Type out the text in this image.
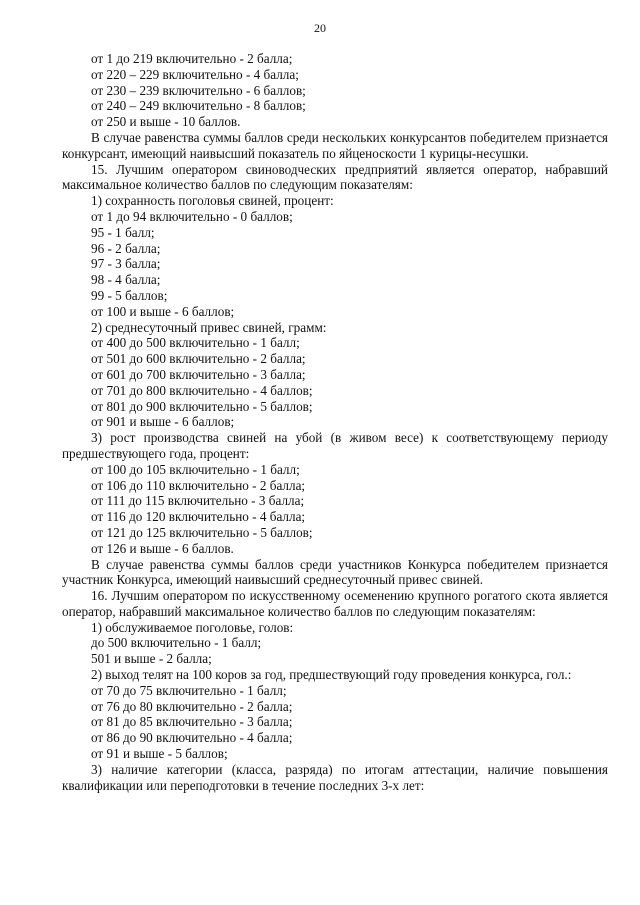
20

от 1 до 219 включительно - 2 балла;

от 220 – 229 включительно - 4 балла;

от 230 – 239 включительно - 6 баллов;

от 240 – 249 включительно - 8 баллов;

от 250 и выше - 10 баллов.

В случае равенства суммы баллов среди нескольких конкурсантов победителем признается конкурсант, имеющий наивысший показатель по яйценоскости 1 курицы-несушки.

15. Лучшим оператором свиноводческих предприятий является оператор, набравший максимальное количество баллов по следующим показателям:

1) сохранность поголовья свиней, процент:

от 1 до 94 включительно - 0 баллов;

95 - 1 балл;

96 - 2 балла;

97 - 3 балла;

98 - 4 балла;

99 - 5 баллов;

от 100 и выше - 6 баллов;

2) среднесуточный привес свиней, грамм:

от 400 до 500 включительно - 1 балл;

от 501 до 600 включительно - 2 балла;

от 601 до 700 включительно - 3 балла;

от 701 до 800 включительно - 4 баллов;

от 801 до 900 включительно - 5 баллов;

от 901 и выше - 6 баллов;

3) рост производства свиней на убой (в живом весе) к соответствующему периоду предшествующего года, процент:

от 100 до 105 включительно - 1 балл;

от 106 до 110 включительно - 2 балла;

от 111 до 115 включительно - 3 балла;

от 116 до 120 включительно - 4 балла;

от 121 до 125 включительно - 5 баллов;

от 126 и выше - 6 баллов.

В случае равенства суммы баллов среди участников Конкурса победителем признается участник Конкурса, имеющий наивысший среднесуточный привес свиней.

16. Лучшим оператором по искусственному осеменению крупного рогатого скота является оператор, набравший максимальное количество баллов по следующим показателям:

1) обслуживаемое поголовье, голов:

до 500 включительно - 1 балл;

501 и выше - 2 балла;

2) выход телят на 100 коров за год, предшествующий году проведения конкурса, гол.:

от 70 до 75 включительно - 1 балл;

от 76 до 80 включительно - 2 балла;

от 81 до 85 включительно - 3 балла;

от 86 до 90 включительно - 4 балла;

от 91 и выше - 5 баллов;

3) наличие категории (класса, разряда) по итогам аттестации, наличие повышения квалификации или переподготовки в течение последних 3-х лет:
